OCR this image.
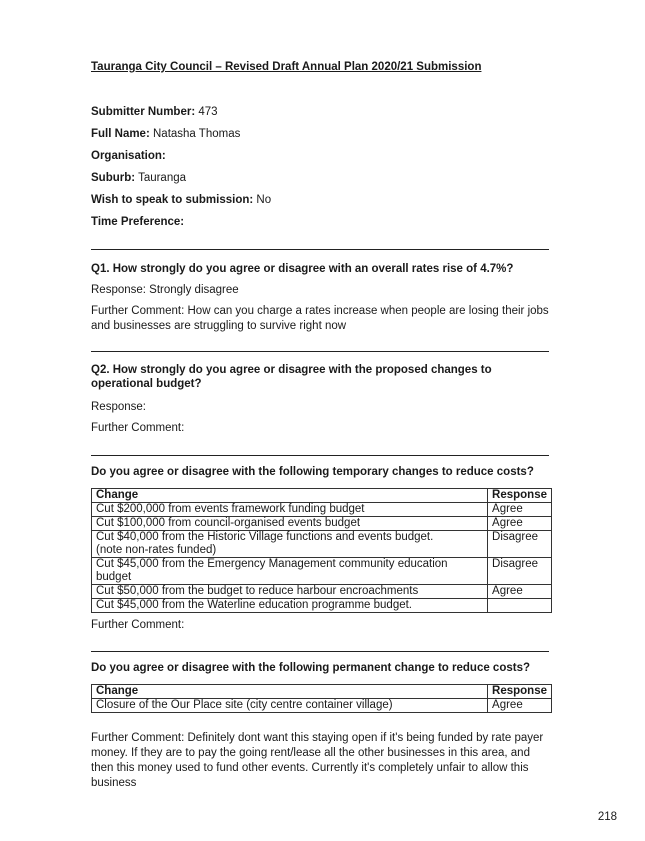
Tauranga City Council – Revised Draft Annual Plan 2020/21 Submission
Submitter Number: 473
Full Name: Natasha Thomas
Organisation:
Suburb: Tauranga
Wish to speak to submission: No
Time Preference:
Q1. How strongly do you agree or disagree with an overall rates rise of 4.7%?
Response: Strongly disagree
Further Comment: How can you charge a rates increase when people are losing their jobs and businesses are struggling to survive right now
Q2. How strongly do you agree or disagree with the proposed changes to operational budget?
Response:
Further Comment:
Do you agree or disagree with the following temporary changes to reduce costs?
Change	Response
Cut $200,000 from events framework funding budget	Agree
Cut $100,000 from council-organised events budget	Agree
Cut $40,000 from the Historic Village functions and events budget.
(note non-rates funded)	Disagree
Cut $45,000 from the Emergency Management community education budget	Disagree
Cut $50,000 from the budget to reduce harbour encroachments	Agree
Cut $45,000 from the Waterline education programme budget.	
Further Comment:
Do you agree or disagree with the following permanent change to reduce costs?
Change	Response
Closure of the Our Place site (city centre container village)	Agree
Further Comment: Definitely dont want this staying open if it's being funded by rate payer money. If they are to pay the going rent/lease all the other businesses in this area, and then this money used to fund other events. Currently it's completely unfair to allow this business
218
